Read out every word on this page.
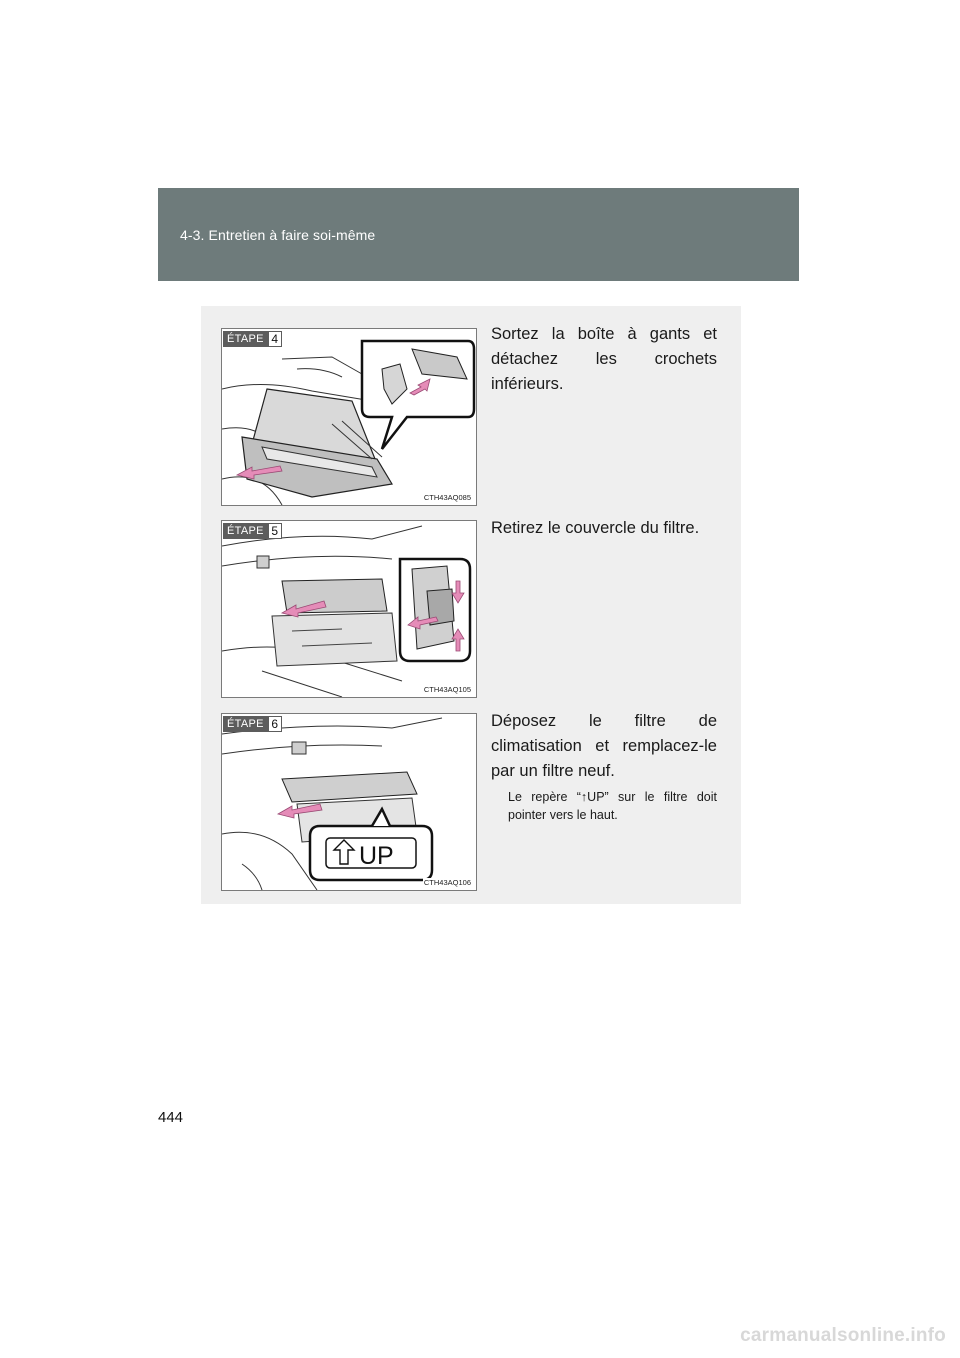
4-3. Entretien à faire soi-même
ÉTAPE 4
CTH43AQ085
Sortez la boîte à gants et détachez les crochets inférieurs.
ÉTAPE 5
CTH43AQ105
Retirez le couvercle du filtre.
UP
ÉTAPE 6
CTH43AQ106
Déposez le filtre de climatisation et remplacez-le par un filtre neuf.
Le repère “↑UP” sur le filtre doit pointer vers le haut.
444
carmanualsonline.info
